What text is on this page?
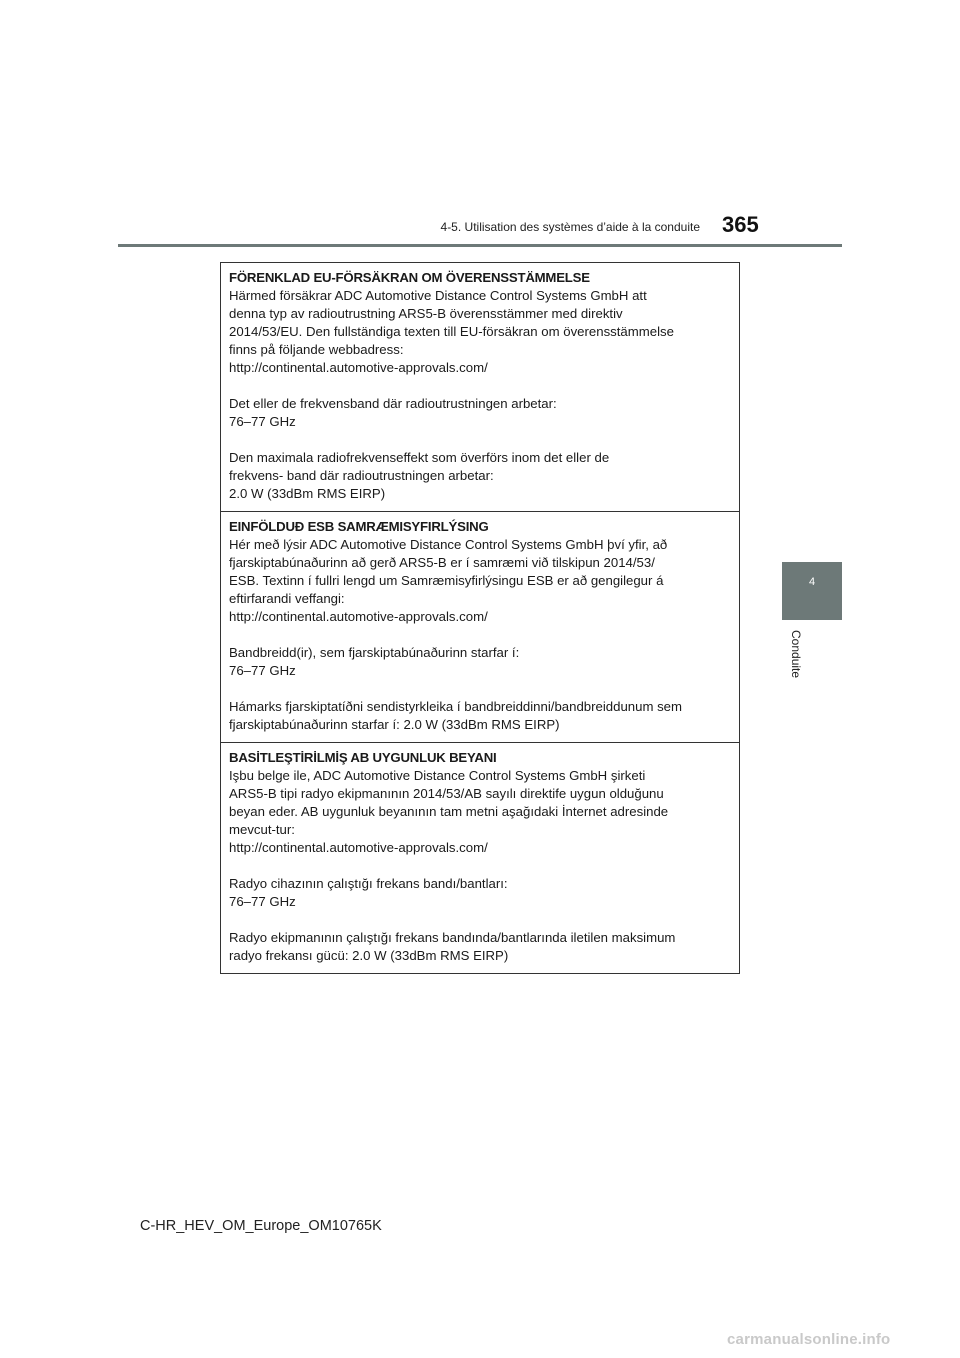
4-5. Utilisation des systèmes d’aide à la conduite 365
4
Conduite
FÖRENKLAD EU-FÖRSÄKRAN OM ÖVERENSSTÄMMELSE

Härmed försäkrar ADC Automotive Distance Control Systems GmbH att
denna typ av radioutrustning ARS5-B överensstämmer med direktiv
2014/53/EU. Den fullständiga texten till EU-försäkran om överensstämmelse
finns på följande webbadress:
http://continental.automotive-approvals.com/

Det eller de frekvensband där radioutrustningen arbetar:
76–77 GHz

Den maximala radiofrekvenseffekt som överförs inom det eller de
frekvens- band där radioutrustningen arbetar:
2.0 W (33dBm RMS EIRP)

EINFÖLDUÐ ESB SAMRÆMISYFIRLÝSING

Hér með lýsir ADC Automotive Distance Control Systems GmbH því yfir, að
fjarskiptabúnaðurinn að gerð ARS5-B er í samræmi við tilskipun 2014/53/
ESB. Textinn í fullri lengd um Samræmisyfirlýsingu ESB er að gengilegur á
eftirfarandi veffangi:
http://continental.automotive-approvals.com/

Bandbreidd(ir), sem fjarskiptabúnaðurinn starfar í:
76–77 GHz

Hámarks fjarskiptatíðni sendistyrkleika í bandbreiddinni/bandbreiddunum sem
fjarskiptabúnaðurinn starfar í: 2.0 W (33dBm RMS EIRP)

BASİTLEŞTİRİLMİŞ AB UYGUNLUK BEYANI

Işbu belge ile, ADC Automotive Distance Control Systems GmbH şirketi
ARS5-B tipi radyo ekipmanının 2014/53/AB sayılı direktife uygun olduğunu
beyan eder. AB uygunluk beyanının tam metni aşağıdaki İnternet adresinde
mevcut-tur:
http://continental.automotive-approvals.com/

Radyo cihazının çalıştığı frekans bandı/bantları:
76–77 GHz

Radyo ekipmanının çalıştığı frekans bandında/bantlarında iletilen maksimum
radyo frekansı gücü: 2.0 W (33dBm RMS EIRP)

C-HR_HEV_OM_Europe_OM10765K
carmanualsonline.info
